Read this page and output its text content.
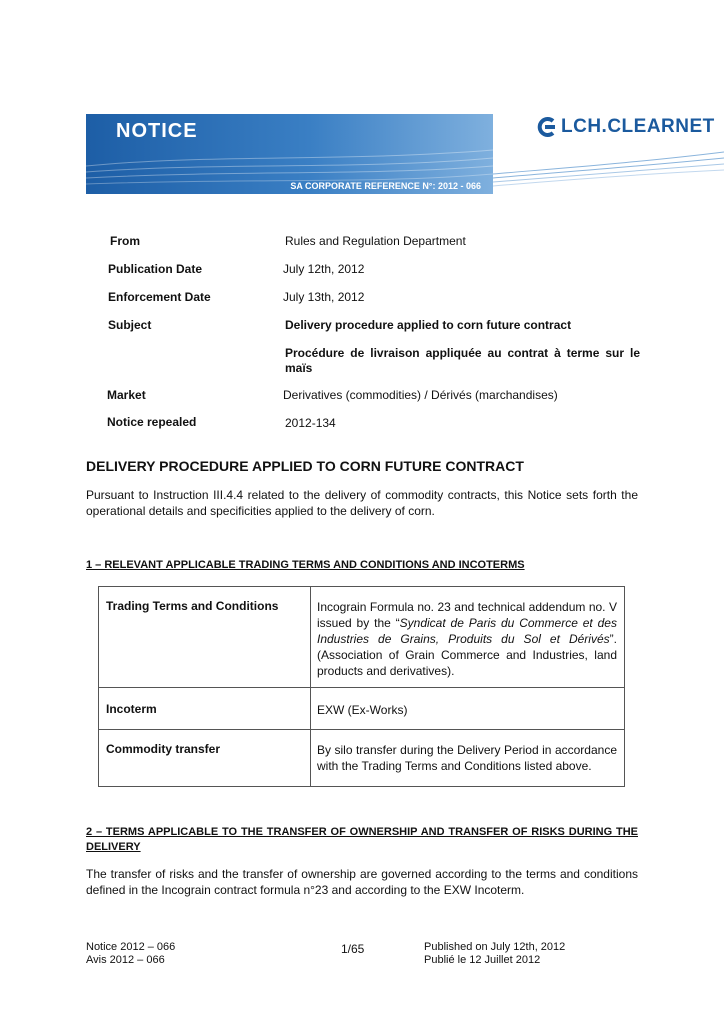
NOTICE
SA CORPORATE REFERENCE N°: 2012 - 066
LCH.CLEARNET
From	Rules and Regulation Department
Publication Date	July 12th, 2012
Enforcement Date	July 13th, 2012
Subject	Delivery procedure applied to corn future contract
Procédure de livraison appliquée au contrat à terme sur le
maïs
Market	Derivatives (commodities) / Dérivés (marchandises)
Notice repealed	2012-134
DELIVERY PROCEDURE APPLIED TO CORN FUTURE CONTRACT

Pursuant to Instruction III.4.4 related to the delivery of commodity contracts, this Notice sets forth the operational details and specificities applied to the delivery of corn.

1 – RELEVANT APPLICABLE TRADING TERMS AND CONDITIONS AND INCOTERMS

Trading Terms and Conditions	Incograin Formula no. 23 and technical addendum no. V issued by the “Syndicat de Paris du Commerce et des Industries de Grains, Produits du Sol et Dérivés”. (Association of Grain Commerce and Industries, land products and derivatives).
Incoterm	EXW (Ex-Works)
Commodity transfer	By silo transfer during the Delivery Period in accordance with the Trading Terms and Conditions listed above.

2 – TERMS APPLICABLE TO THE TRANSFER OF OWNERSHIP AND TRANSFER OF RISKS DURING THE DELIVERY

The transfer of risks and the transfer of ownership are governed according to the terms and conditions defined in the Incograin contract formula n°23 and according to the EXW Incoterm.

Notice 2012 – 066
Avis 2012 – 066
1/65	Published on July 12th, 2012
Publié le 12 Juillet 2012
